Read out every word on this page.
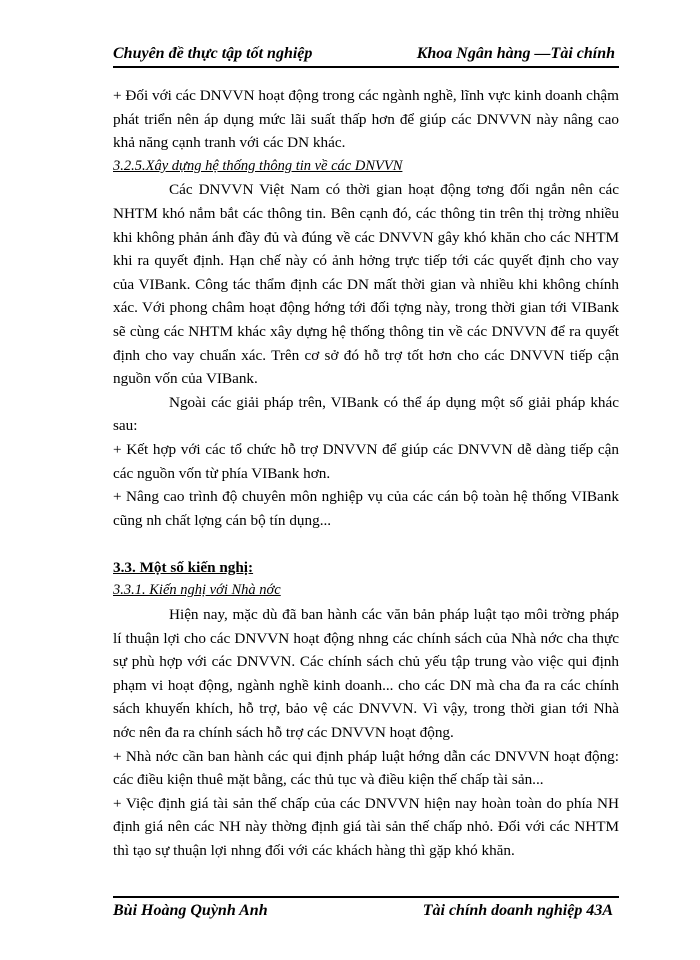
Chuyên đề thực tập tốt nghiệp	Khoa Ngân hàng —Tài chính

+ Đối với các DNVVN hoạt động trong các ngành nghề, lĩnh vực kinh doanh chậm phát triển nên áp dụng mức lãi suất thấp hơn để giúp các DNVVN này nâng cao khả năng cạnh tranh với các DN khác.

3.2.5.Xây dựng hệ thống thông tin về các DNVVN

Các DNVVN Việt Nam có thời gian hoạt động tơng đối ngắn nên các NHTM khó nắm bắt các thông tin. Bên cạnh đó, các thông tin trên thị trờng nhiều khi không phản ánh đầy đủ và đúng về các DNVVN gây khó khăn cho các NHTM khi ra quyết định. Hạn chế này có ảnh hởng trực tiếp tới các quyết định cho vay của VIBank. Công tác thẩm định các DN mất thời gian và nhiều khi không chính xác. Với phong châm hoạt động hớng tới đối tợng này, trong thời gian tới VIBank sẽ cùng các NHTM khác xây dựng hệ thống thông tin về các DNVVN để ra quyết định cho vay chuẩn xác. Trên cơ sở đó hỗ trợ tốt hơn cho các DNVVN tiếp cận nguồn vốn của VIBank.

Ngoài các giải pháp trên, VIBank có thể áp dụng một số giải pháp khác sau:

+ Kết hợp với các tổ chức hỗ trợ DNVVN để giúp các DNVVN dễ dàng tiếp cận các nguồn vốn từ phía VIBank hơn.

+ Nâng cao trình độ chuyên môn nghiệp vụ của các cán bộ toàn hệ thống VIBank cũng nh chất lợng cán bộ tín dụng...

3.3. Một số kiến nghị:

3.3.1. Kiến nghị với Nhà nớc

Hiện nay, mặc dù đã ban hành các văn bản pháp luật tạo môi trờng pháp lí thuận lợi cho các DNVVN hoạt động nhng các chính sách của Nhà nớc cha thực sự phù hợp với các DNVVN. Các chính sách chủ yếu tập trung vào việc qui định phạm vi hoạt động, ngành nghề kinh doanh... cho các DN mà cha đa ra các chính sách khuyến khích, hỗ trợ, bảo vệ các DNVVN. Vì vậy, trong thời gian tới Nhà nớc nên đa ra chính sách hỗ trợ các DNVVN hoạt động.

+ Nhà nớc cần ban hành các qui định pháp luật hớng dẫn các DNVVN hoạt động: các điều kiện thuê mặt bằng, các thủ tục và điều kiện thế chấp tài sản...

+ Việc định giá tài sản thế chấp của các DNVVN hiện nay hoàn toàn do phía NH định giá nên các NH này thờng định giá tài sản thế chấp nhỏ. Đối với các NHTM thì tạo sự thuận lợi nhng đối với các khách hàng thì gặp khó khăn.

Bùi Hoàng Quỳnh Anh	Tài chính doanh nghiệp 43A
